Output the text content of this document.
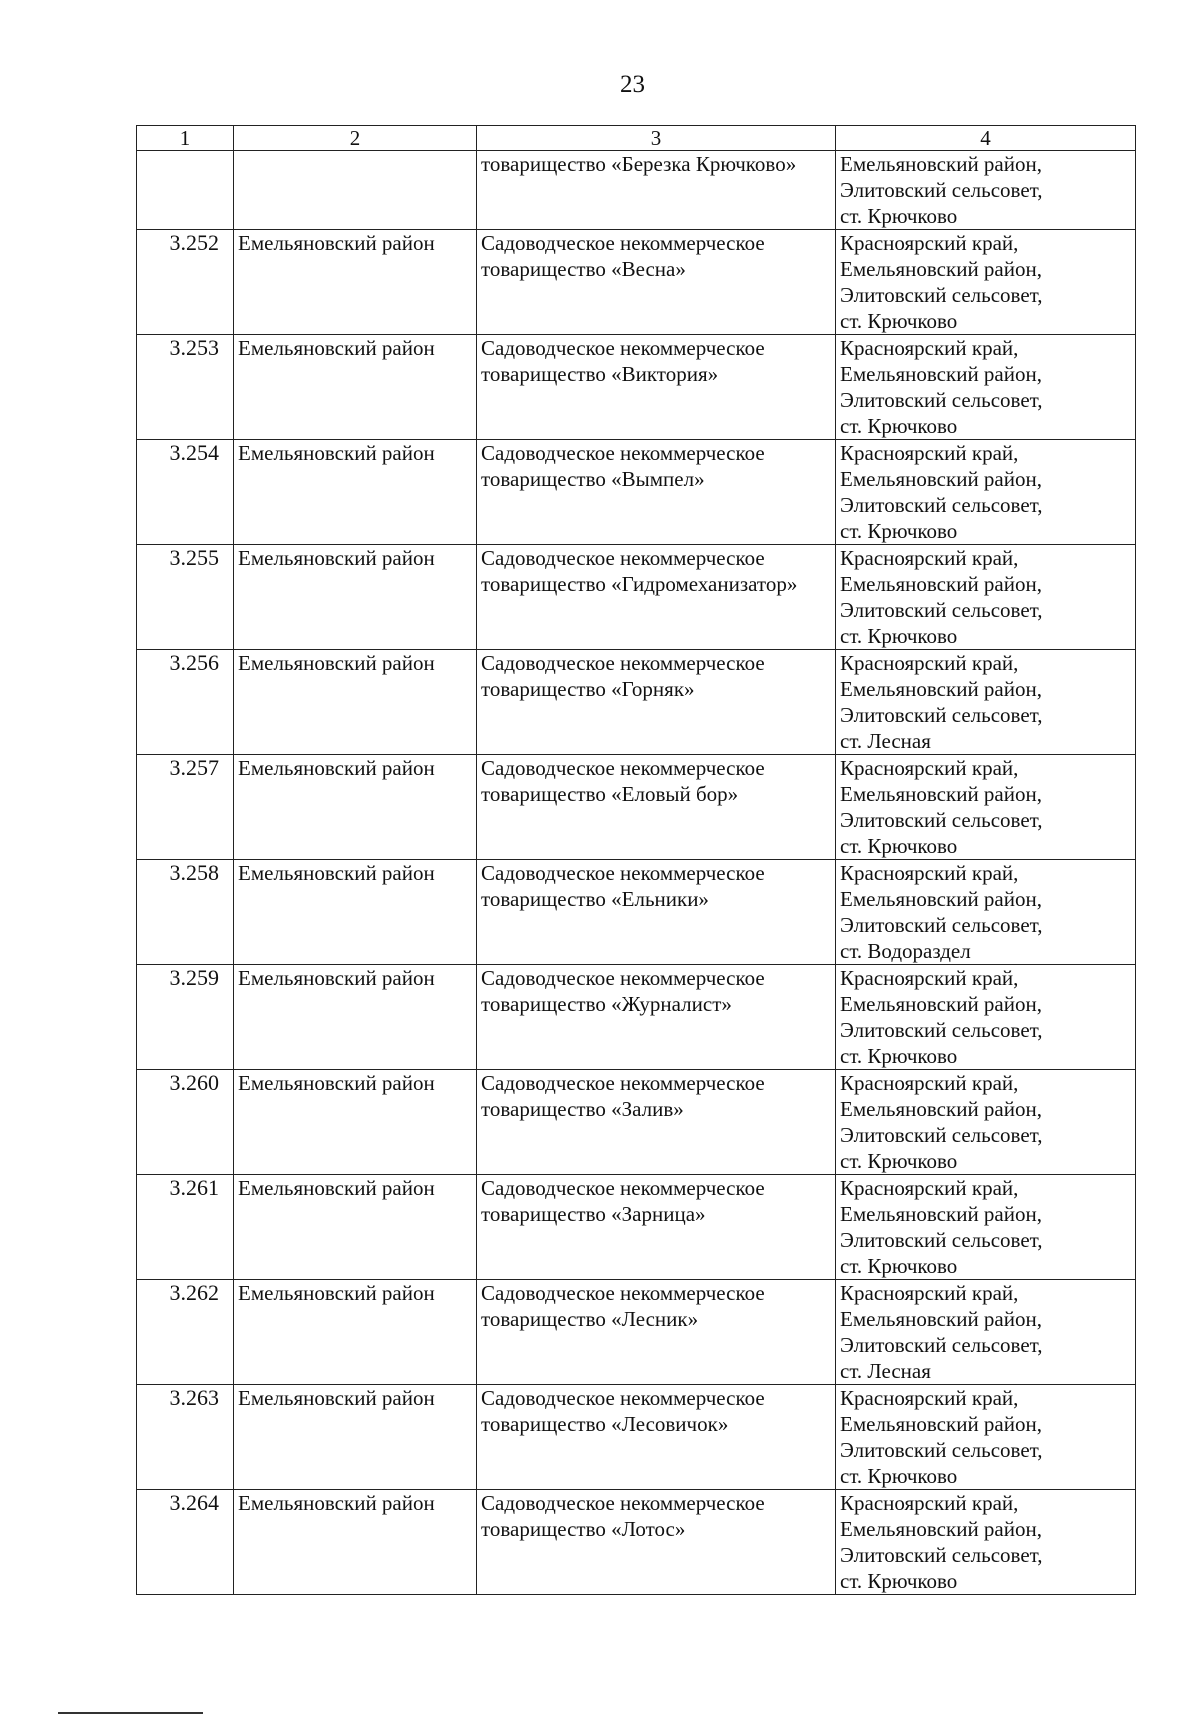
23
1	2	3	4

		товарищество «Березка Крючково»	Емельяновский район,
Элитовский сельсовет,
ст. Крючково

3.252	Емельяновский район	Садоводческое некоммерческое
товарищество «Весна»	Красноярский край,
Емельяновский район,
Элитовский сельсовет,
ст. Крючково

3.253	Емельяновский район	Садоводческое некоммерческое
товарищество «Виктория»	Красноярский край,
Емельяновский район,
Элитовский сельсовет,
ст. Крючково

3.254	Емельяновский район	Садоводческое некоммерческое
товарищество «Вымпел»	Красноярский край,
Емельяновский район,
Элитовский сельсовет,
ст. Крючково

3.255	Емельяновский район	Садоводческое некоммерческое
товарищество «Гидромеханизатор»	Красноярский край,
Емельяновский район,
Элитовский сельсовет,
ст. Крючково

3.256	Емельяновский район	Садоводческое некоммерческое
товарищество «Горняк»	Красноярский край,
Емельяновский район,
Элитовский сельсовет,
ст. Лесная

3.257	Емельяновский район	Садоводческое некоммерческое
товарищество «Еловый бор»	Красноярский край,
Емельяновский район,
Элитовский сельсовет,
ст. Крючково

3.258	Емельяновский район	Садоводческое некоммерческое
товарищество «Ельники»	Красноярский край,
Емельяновский район,
Элитовский сельсовет,
ст. Водораздел

3.259	Емельяновский район	Садоводческое некоммерческое
товарищество «Журналист»	Красноярский край,
Емельяновский район,
Элитовский сельсовет,
ст. Крючково

3.260	Емельяновский район	Садоводческое некоммерческое
товарищество «Залив»	Красноярский край,
Емельяновский район,
Элитовский сельсовет,
ст. Крючково

3.261	Емельяновский район	Садоводческое некоммерческое
товарищество «Зарница»	Красноярский край,
Емельяновский район,
Элитовский сельсовет,
ст. Крючково

3.262	Емельяновский район	Садоводческое некоммерческое
товарищество «Лесник»	Красноярский край,
Емельяновский район,
Элитовский сельсовет,
ст. Лесная

3.263	Емельяновский район	Садоводческое некоммерческое
товарищество «Лесовичок»	Красноярский край,
Емельяновский район,
Элитовский сельсовет,
ст. Крючково

3.264	Емельяновский район	Садоводческое некоммерческое
товарищество «Лотос»	Красноярский край,
Емельяновский район,
Элитовский сельсовет,
ст. Крючково
